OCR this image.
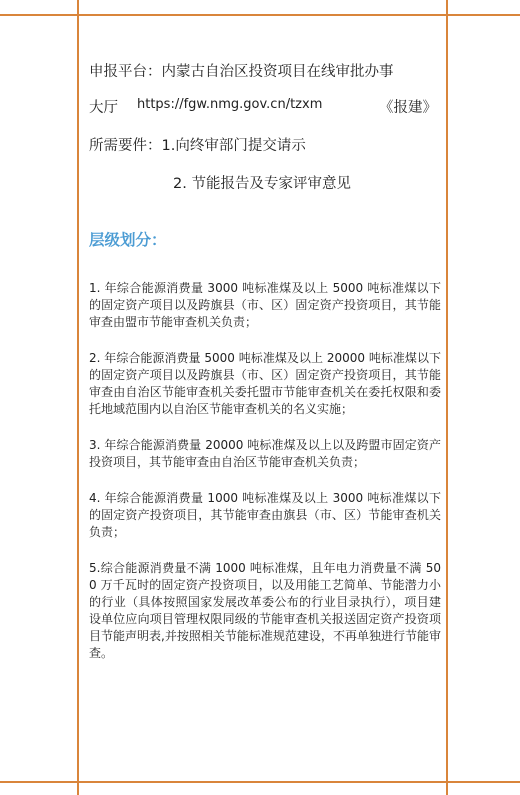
申报平台：内蒙古自治区投资项目在线审批办事
大厅 https://fgw.nmg.gov.cn/tzxm	《报建》
所需要件：1.向终审部门提交请示
2. 节能报告及专家评审意见
层级划分：

1. 年综合能源消费量 3000 吨标准煤及以上 5000 吨标准煤以下的固定资产项目以及跨旗县（市、区）固定资产投资项目，其节能审查由盟市节能审查机关负责；

2. 年综合能源消费量 5000 吨标准煤及以上 20000 吨标准煤以下的固定资产项目以及跨旗县（市、区）固定资产投资项目，其节能审查由自治区节能审查机关委托盟市节能审查机关在委托权限和委托地域范围内以自治区节能审查机关的名义实施；

3. 年综合能源消费量 20000 吨标准煤及以上以及跨盟市固定资产投资项目，其节能审查由自治区节能审查机关负责；

4. 年综合能源消费量 1000 吨标准煤及以上 3000 吨标准煤以下的固定资产投资项目，其节能审查由旗县（市、区）节能审查机关负责；

5.综合能源消费量不满 1000 吨标准煤，且年电力消费量不满 500 万千瓦时的固定资产投资项目，以及用能工艺简单、节能潜力小的行业（具体按照国家发展改革委公布的行业目录执行），项目建设单位应向项目管理权限同级的节能审查机关报送固定资产投资项目节能声明表,并按照相关节能标准规范建设，不再单独进行节能审查。
